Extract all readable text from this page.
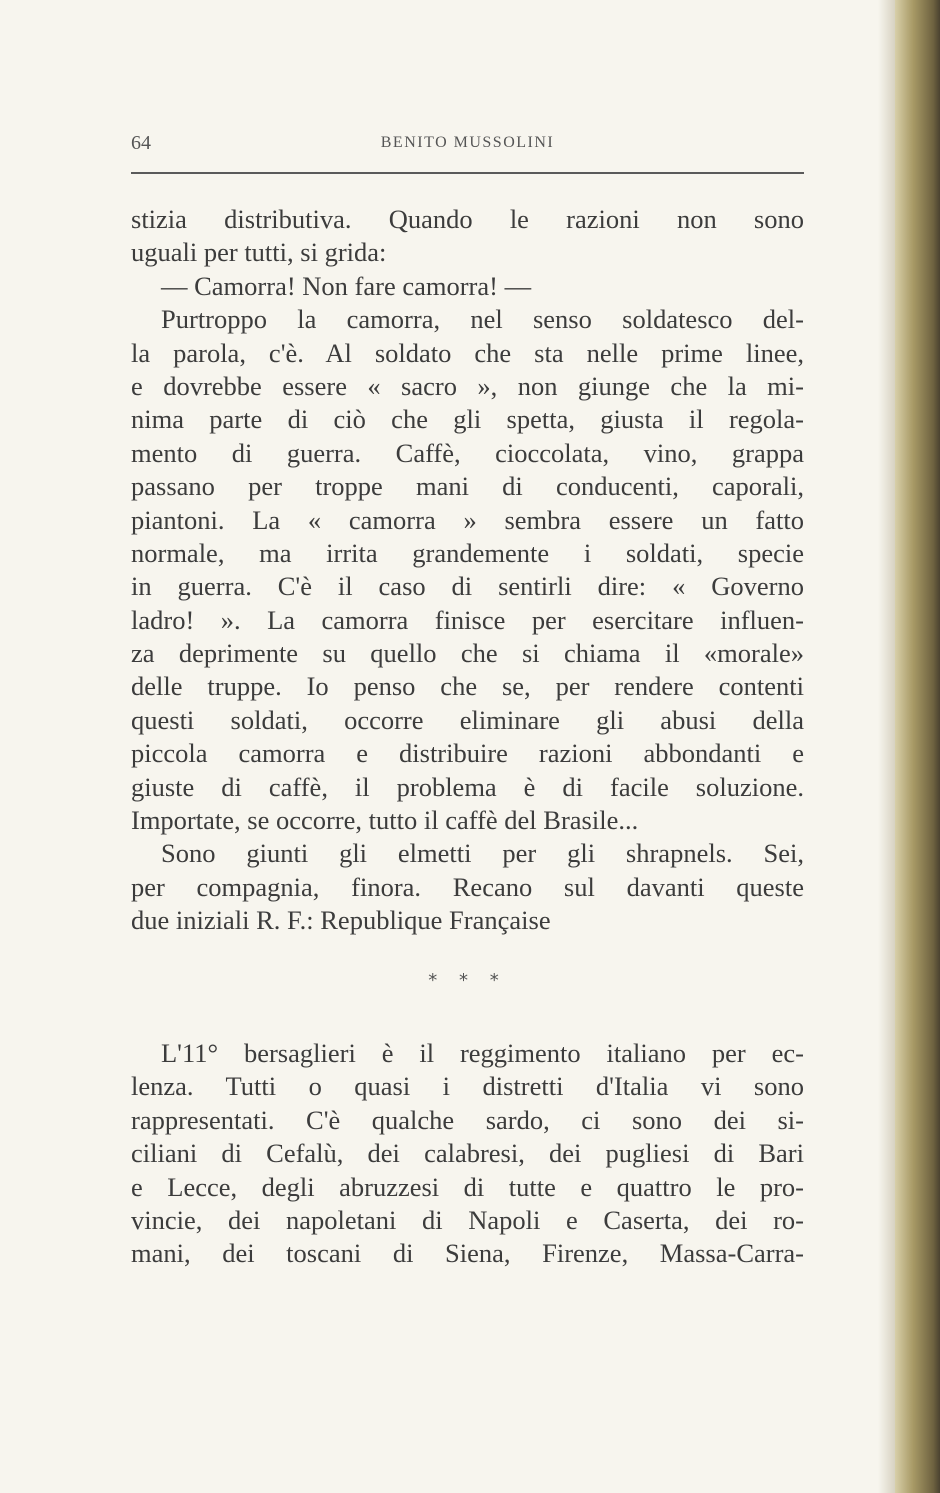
64	BENITO MUSSOLINI
stizia distributiva. Quando le razioni non sono
uguali per tutti, si grida:
— Camorra! Non fare camorra! —
Purtroppo la camorra, nel senso soldatesco del-
la parola, c'è. Al soldato che sta nelle prime linee,
e dovrebbe essere « sacro », non giunge che la mi-
nima parte di ciò che gli spetta, giusta il regola-
mento di guerra. Caffè, cioccolata, vino, grappa
passano per troppe mani di conducenti, caporali,
piantoni. La « camorra » sembra essere un fatto
normale, ma irrita grandemente i soldati, specie
in guerra. C'è il caso di sentirli dire: « Governo
ladro! ». La camorra finisce per esercitare influen-
za deprimente su quello che si chiama il «morale»
delle truppe. Io penso che se, per rendere contenti
questi soldati, occorre eliminare gli abusi della
piccola camorra e distribuire razioni abbondanti e
giuste di caffè, il problema è di facile soluzione.
Importate, se occorre, tutto il caffè del Brasile...
Sono giunti gli elmetti per gli shrapnels. Sei,
per compagnia, finora. Recano sul davanti queste
due iniziali R. F.: Republique Française
* * *
L'11° bersaglieri è il reggimento italiano per ec-
lenza. Tutti o quasi i distretti d'Italia vi sono
rappresentati. C'è qualche sardo, ci sono dei si-
ciliani di Cefalù, dei calabresi, dei pugliesi di Bari
e Lecce, degli abruzzesi di tutte e quattro le pro-
vincie, dei napoletani di Napoli e Caserta, dei ro-
mani, dei toscani di Siena, Firenze, Massa-Carra-
